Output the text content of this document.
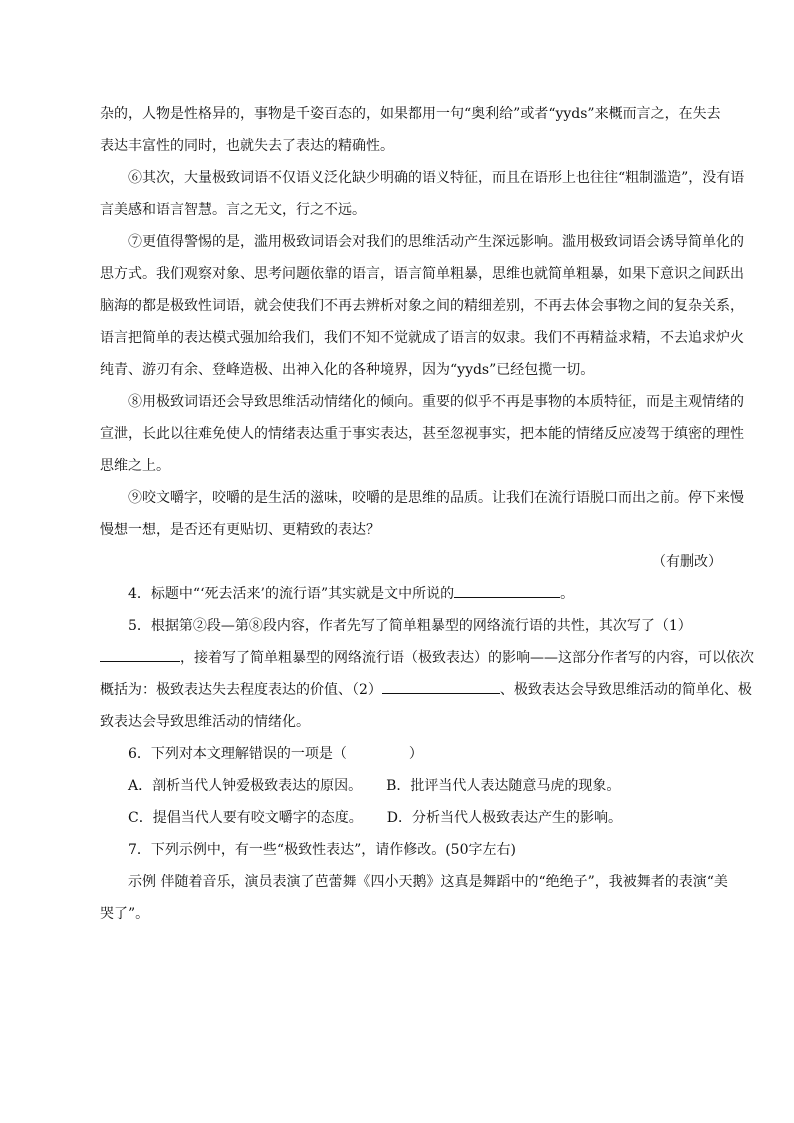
杂的，人物是性格异的，事物是千姿百态的，如果都用一句“奥利给”或者“yyds”来概而言之，在失去
表达丰富性的同时，也就失去了表达的精确性。
⑥其次，大量极致词语不仅语义泛化缺少明确的语义特征，而且在语形上也往往“粗制滥造”，没有语
言美感和语言智慧。言之无文，行之不远。
⑦更值得警惕的是，滥用极致词语会对我们的思维活动产生深远影响。滥用极致词语会诱导简单化的
思方式。我们观察对象、思考问题依靠的语言，语言简单粗暴，思维也就简单粗暴，如果下意识之间跃出
脑海的都是极致性词语，就会使我们不再去辨析对象之间的精细差别，不再去体会事物之间的复杂关系，
语言把简单的表达模式强加给我们，我们不知不觉就成了语言的奴隶。我们不再精益求精，不去追求炉火
纯青、游刃有余、登峰造极、出神入化的各种境界，因为“yyds”已经包揽一切。
⑧用极致词语还会导致思维活动情绪化的倾向。重要的似乎不再是事物的本质特征，而是主观情绪的
宣泄，长此以往难免使人的情绪表达重于事实表达，甚至忽视事实，把本能的情绪反应凌驾于缜密的理性
思维之上。
⑨咬文嚼字，咬嚼的是生活的滋味，咬嚼的是思维的品质。让我们在流行语脱口而出之前。停下来慢
慢想一想，是否还有更贴切、更精致的表达？
（有删改）
4．标题中“‘死去活来’的流行语”其实就是文中所说的	。
5．根据第②段—第⑧段内容，作者先写了简单粗暴型的网络流行语的共性，其次写了（1）
，接着写了简单粗暴型的网络流行语（极致表达）的影响——这部分作者写的内容，可以依次
概括为：极致表达失去程度表达的价值、（2）	、极致表达会导致思维活动的简单化、极
致表达会导致思维活动的情绪化。
6．下列对本文理解错误的一项是（	）
A．剖析当代人钟爱极致表达的原因。 B．批评当代人表达随意马虎的现象。
C．提倡当代人要有咬文嚼字的态度。 D．分析当代人极致表达产生的影响。
7．下列示例中，有一些“极致性表达”，请作修改。(50字左右)
示例 伴随着音乐，演员表演了芭蕾舞《四小天鹅》这真是舞蹈中的“绝绝子”，我被舞者的表演“美
哭了”。
